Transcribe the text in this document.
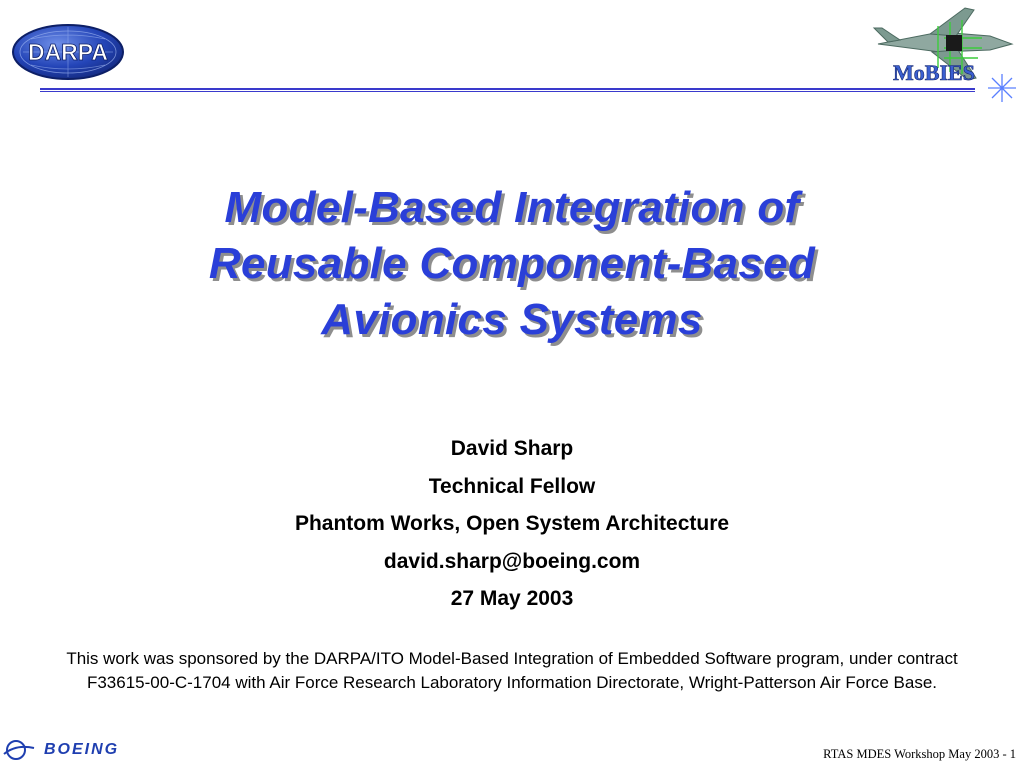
DARPA
MoBIES
Model-Based Integration of
Reusable Component-Based
Avionics Systems
David Sharp
Technical Fellow
Phantom Works, Open System Architecture
david.sharp@boeing.com
27 May 2003
This work was sponsored by the DARPA/ITO Model-Based Integration of Embedded Software program, under contract F33615-00-C-1704 with Air Force Research Laboratory Information Directorate, Wright-Patterson Air Force Base.
BOEING	RTAS MDES Workshop May 2003 - 1
